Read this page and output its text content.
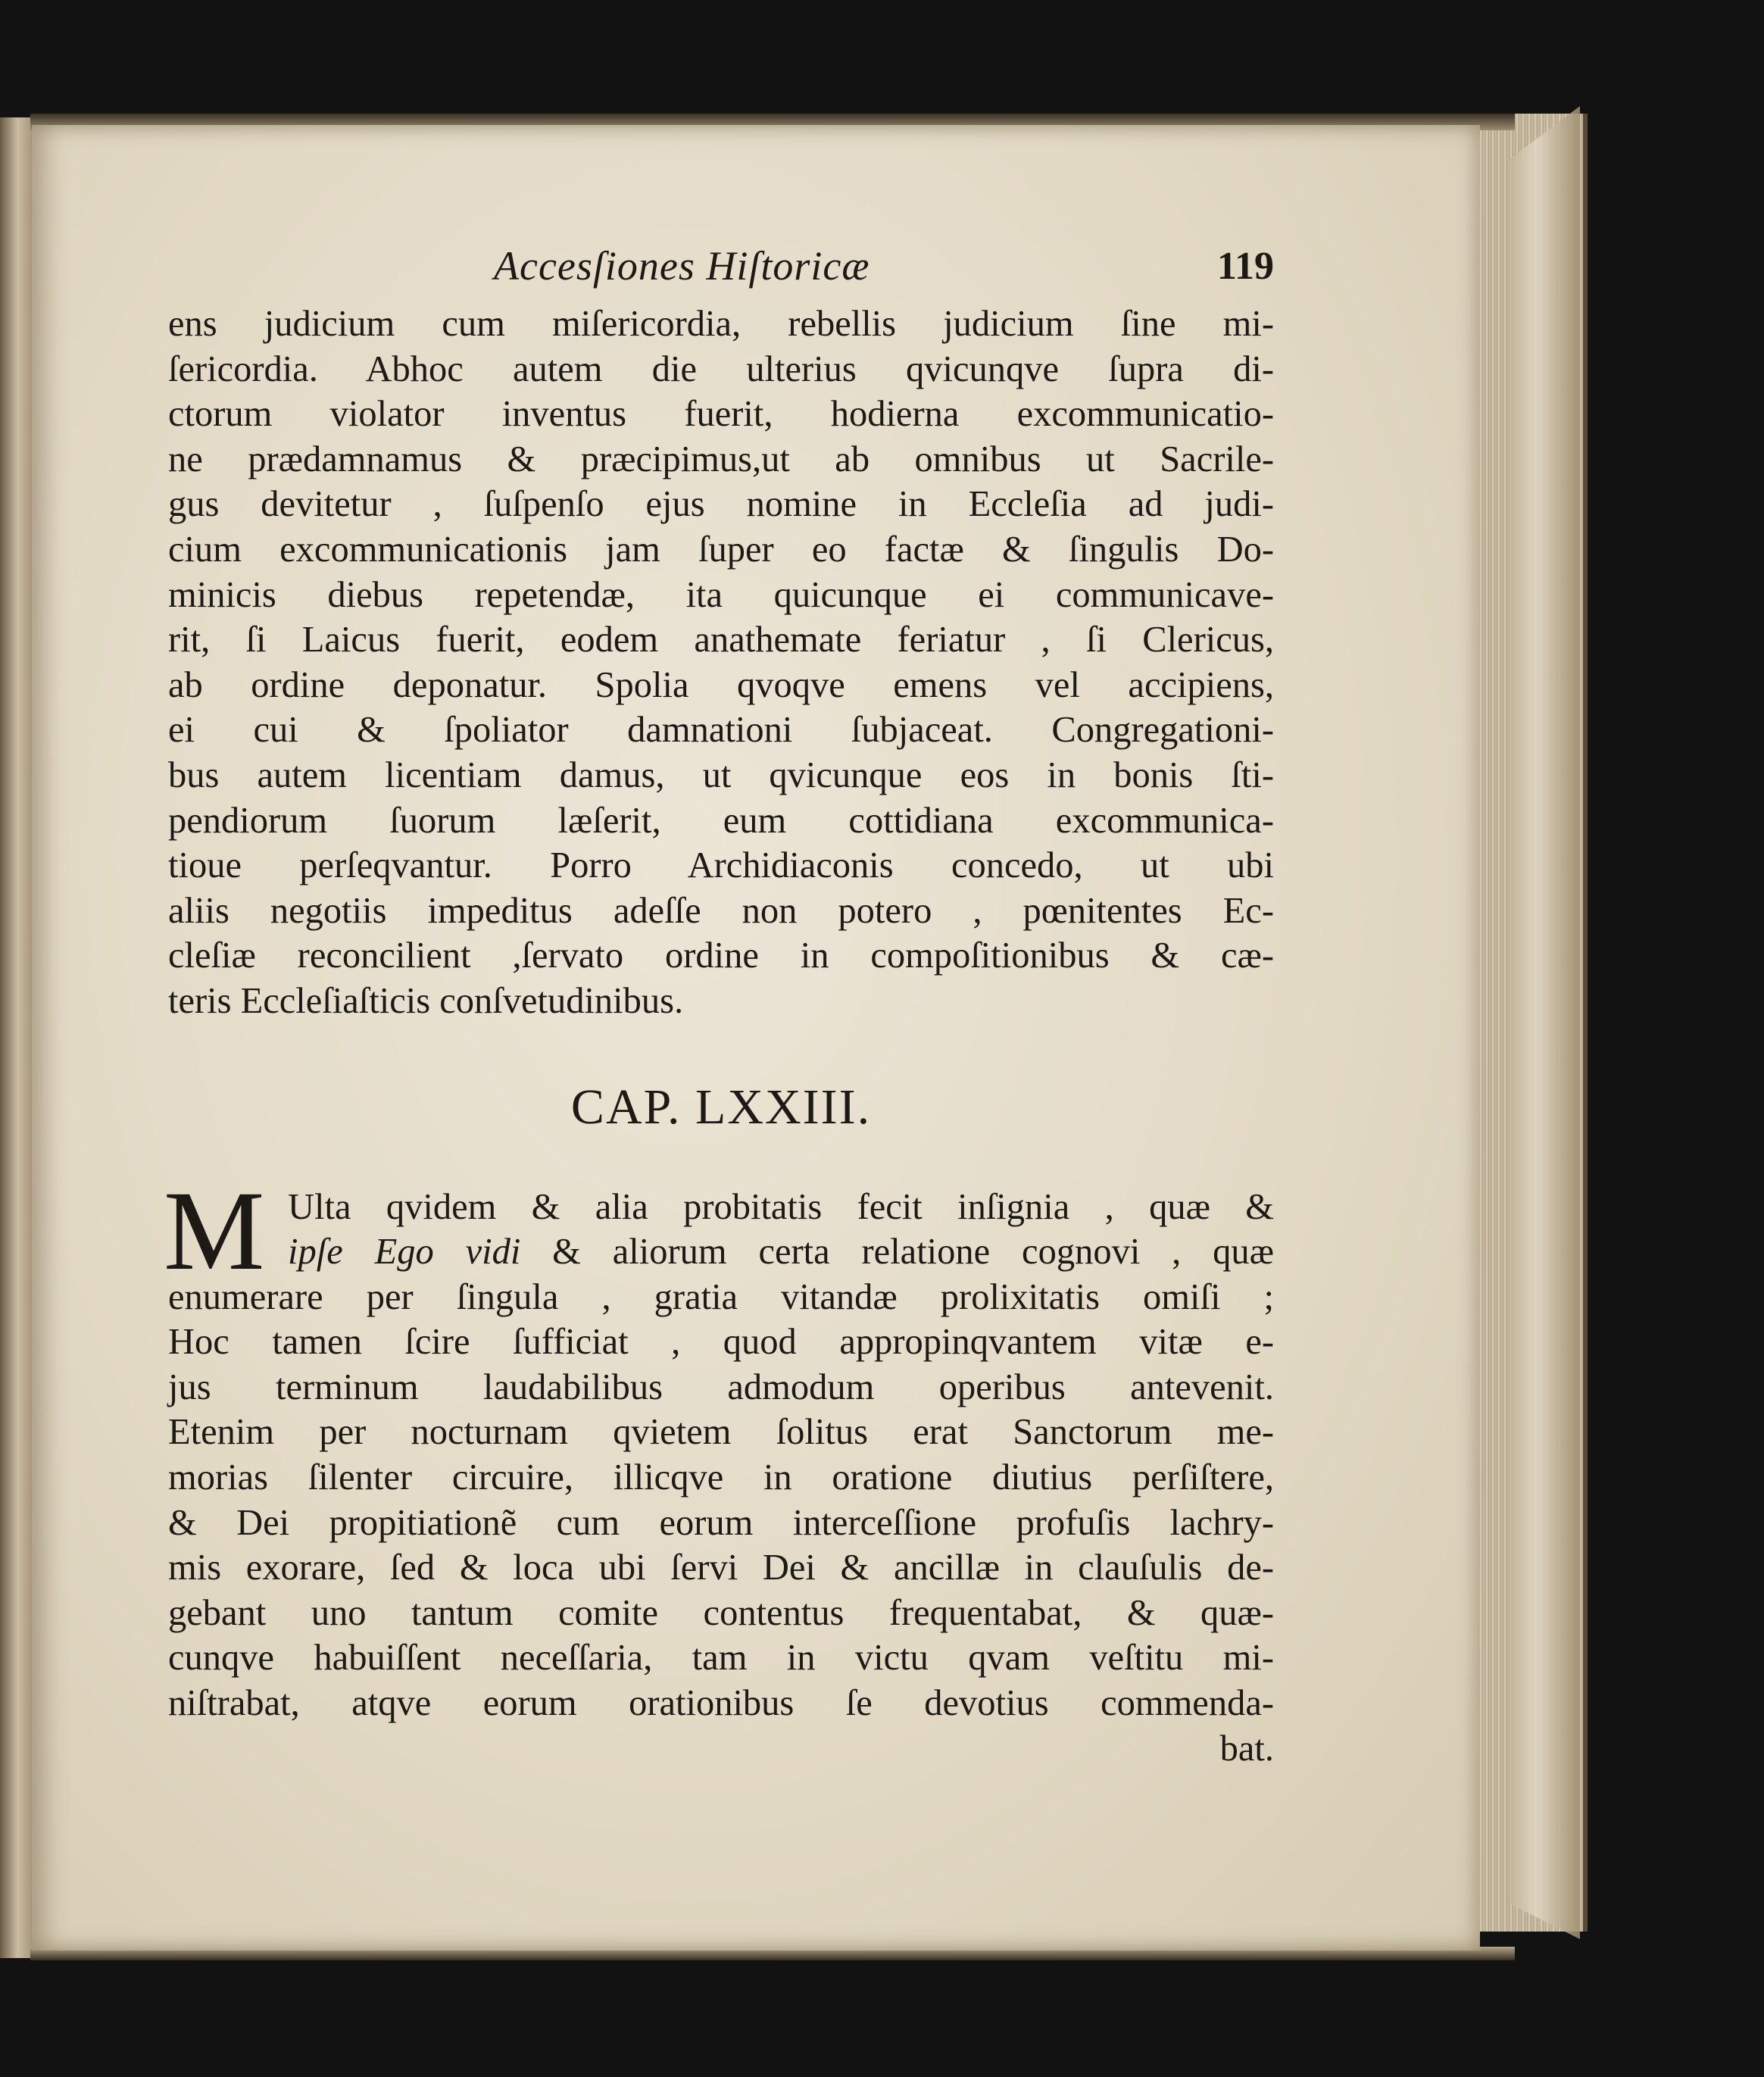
Accesſiones Hiſtoricæ	119
ens judicium cum miſericordia, rebellis judicium ſine mi-
ſericordia. Abhoc autem die ulterius qvicunqve ſupra di-
ctorum violator inventus fuerit, hodierna excommunicatio-
ne prædamnamus & præcipimus,ut ab omnibus ut Sacrile-
gus devitetur , ſuſpenſo ejus nomine in Eccleſia ad judi-
cium excommunicationis jam ſuper eo factæ & ſingulis Do-
minicis diebus repetendæ, ita quicunque ei communicave-
rit, ſi Laicus fuerit, eodem anathemate feriatur , ſi Clericus,
ab ordine deponatur. Spolia qvoqve emens vel accipiens,
ei cui & ſpoliator damnationi ſubjaceat. Congregationi-
bus autem licentiam damus, ut qvicunque eos in bonis ſti-
pendiorum ſuorum læſerit, eum cottidiana excommunica-
tioue perſeqvantur. Porro Archidiaconis concedo, ut ubi
aliis negotiis impeditus adeſſe non potero , pœnitentes Ec-
cleſiæ reconcilient ,ſervato ordine in compoſitionibus & cæ-
teris Eccleſiaſticis conſvetudinibus.
CAP. LXXIII.
M Ulta qvidem & alia probitatis fecit inſignia , quæ &
ipſe Ego vidi & aliorum certa relatione cognovi , quæ
enumerare per ſingula , gratia vitandæ prolixitatis omiſi ;
Hoc tamen ſcire ſufficiat , quod appropinqvantem vitæ e-
jus terminum laudabilibus admodum operibus antevenit.
Etenim per nocturnam qvietem ſolitus erat Sanctorum me-
morias ſilenter circuire, illicqve in oratione diutius perſiſtere,
& Dei propitiationẽ cum eorum interceſſione profuſis lachry-
mis exorare, ſed & loca ubi ſervi Dei & ancillæ in clauſulis de-
gebant uno tantum comite contentus frequentabat, & quæ-
cunqve habuiſſent neceſſaria, tam in victu qvam veſtitu mi-
niſtrabat, atqve eorum orationibus ſe devotius commenda-
bat.
